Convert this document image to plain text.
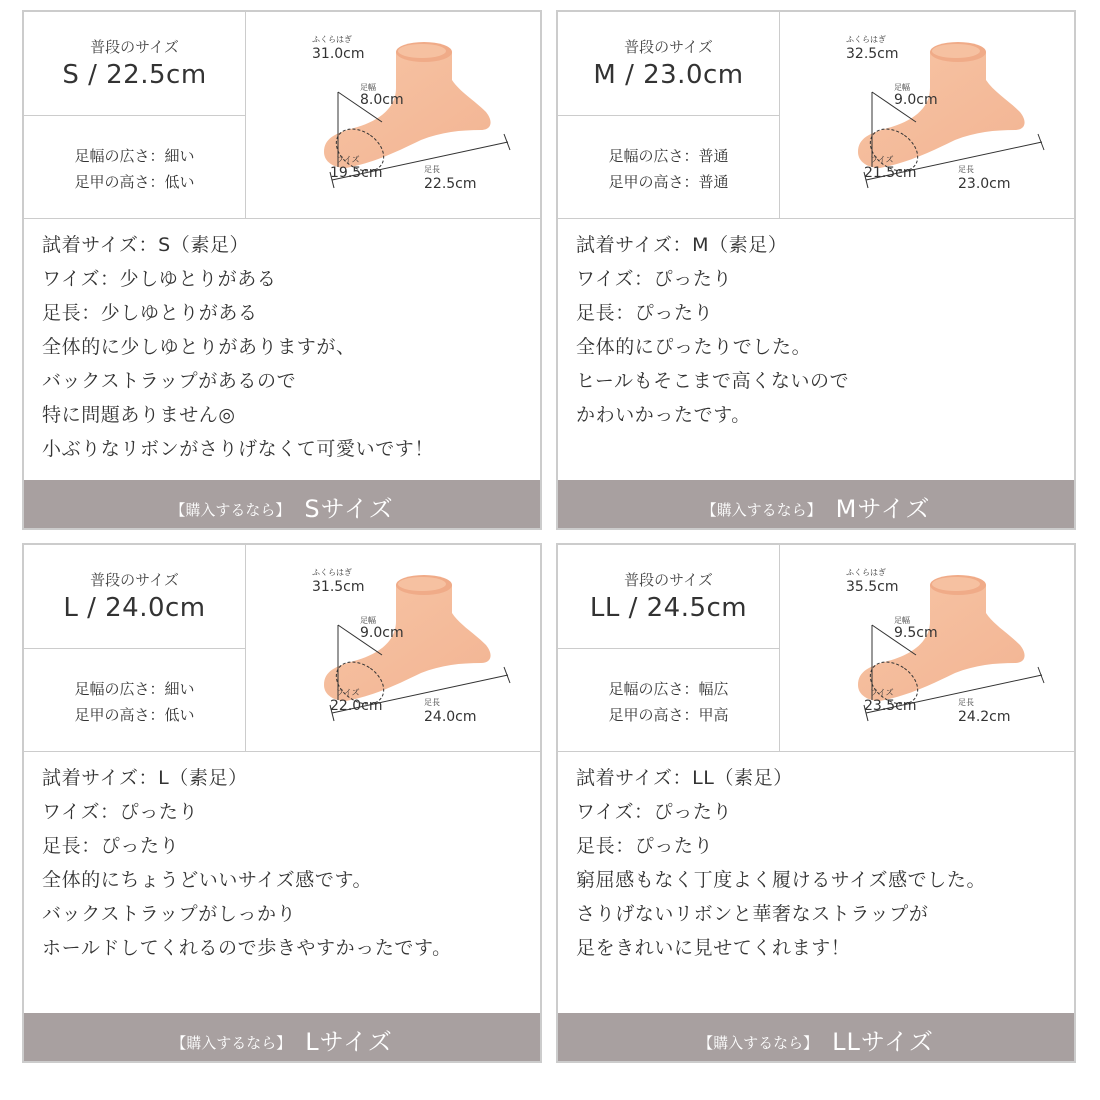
普段のサイズ
S / 22.5cm
足幅の広さ：細い
足甲の高さ：低い
ふくらはぎ
31.0cm
足幅
8.0cm
ワイズ
19.5cm	足長
22.5cm
試着サイズ：S（素足）
ワイズ：少しゆとりがある
足長：少しゆとりがある
全体的に少しゆとりがありますが、
バックストラップがあるので
特に問題ありません◎
小ぶりなリボンがさりげなくて可愛いです！
【購入するなら】 Sサイズ
普段のサイズ
M / 23.0cm
足幅の広さ：普通
足甲の高さ：普通
ふくらはぎ
32.5cm
足幅
9.0cm
ワイズ
21.5cm	足長
23.0cm
試着サイズ：M（素足）
ワイズ：ぴったり
足長：ぴったり
全体的にぴったりでした。
ヒールもそこまで高くないので
かわいかったです。
【購入するなら】 Mサイズ
普段のサイズ
L / 24.0cm
足幅の広さ：細い
足甲の高さ：低い
ふくらはぎ
31.5cm
足幅
9.0cm
ワイズ
22.0cm	足長
24.0cm
試着サイズ：L（素足）
ワイズ：ぴったり
足長：ぴったり
全体的にちょうどいいサイズ感です。
バックストラップがしっかり
ホールドしてくれるので歩きやすかったです。
【購入するなら】 Lサイズ
普段のサイズ
LL / 24.5cm
足幅の広さ：幅広
足甲の高さ：甲高
ふくらはぎ
35.5cm
足幅
9.5cm
ワイズ
23.5cm	足長
24.2cm
試着サイズ：LL（素足）
ワイズ：ぴったり
足長：ぴったり
窮屈感もなく丁度よく履けるサイズ感でした。
さりげないリボンと華奢なストラップが
足をきれいに見せてくれます！
【購入するなら】 LLサイズ
